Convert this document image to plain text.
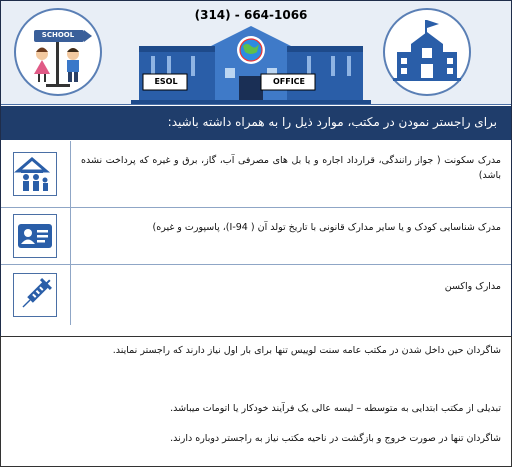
SCHOOL
(314) - 664-1066
ESOL	OFFICE
برای راجستر نمودن در مکتب، موارد ذیل را به همراه داشته باشید:
مدرک سکونت ( جواز رانندگی، قرارداد اجاره و یا بل های مصرفی آب، گاز، برق و غیره که پرداخت نشده باشد)
مدرک شناسایی کودک و یا سایر مدارک قانونی با تاریخ تولد آن ( I-94)، پاسپورت و غیره)
مدارک واکسن
شاگردان حین داخل شدن در مکتب عامه سنت لوییس تنها برای بار اول نیاز دارند که راجستر نمایند.
تبدیلی از مکتب ابتدایی به متوسطه – لیسه عالی یک فرآیند خودکار یا اتومات میباشد.
شاگردان تنها در صورت خروج و بازگشت در ناحیه مکتب نیاز به راجستر دوباره دارند.
